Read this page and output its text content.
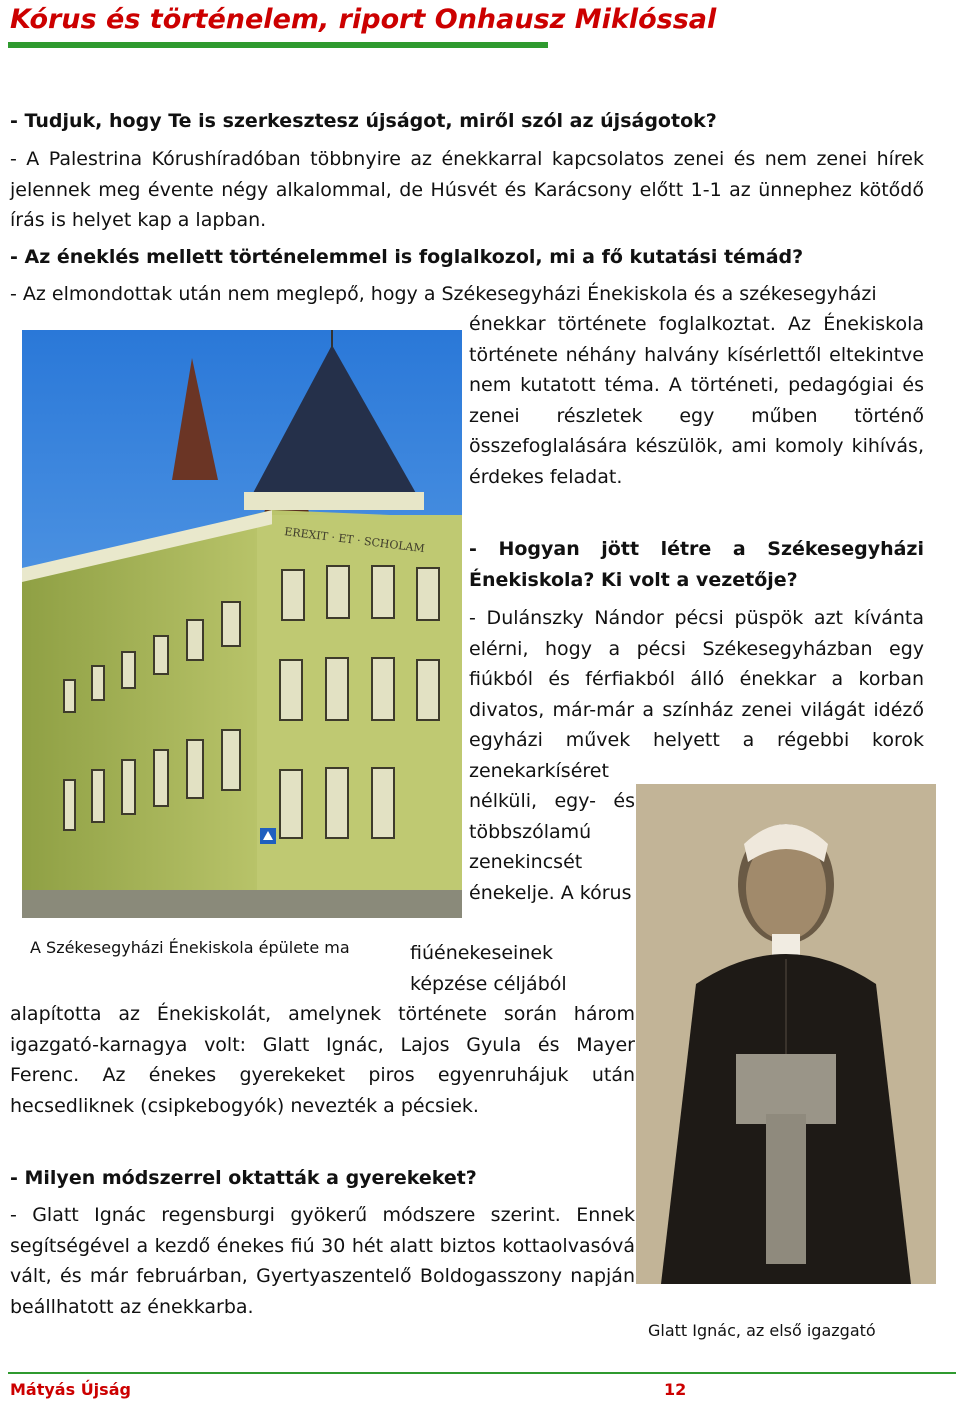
Kórus és történelem, riport Onhausz Miklóssal

- Tudjuk, hogy Te is szerkesztesz újságot, miről szól az újságotok?

- A Palestrina Kórushíradóban többnyire az énekkarral kapcsolatos zenei és nem zenei hírek jelennek meg évente négy alkalommal, de Húsvét és Karácsony előtt 1-1 az ünnephez kötődő írás is helyet kap a lapban.

- Az éneklés mellett történelemmel is foglalkozol, mi a fő kutatási témád?

- Az elmondottak után nem meglepő, hogy a Székesegyházi Énekiskola és a székesegyházi

énekkar története foglalkoztat. Az Énekiskola története néhány halvány kísérlettől eltekintve nem kutatott téma. A történeti, pedagógiai és zenei részletek egy műben történő összefoglalására készülök, ami komoly kihívás, érdekes feladat.

EREXIT · ET · SCHOLAM

A Székesegyházi Énekiskola épülete ma

- Hogyan jött létre a Székesegyházi Énekiskola? Ki volt a vezetője?

- Dulánszky Nándor pécsi püspök azt kívánta elérni, hogy a pécsi Székesegyházban egy fiúkból és férfiakból álló énekkar a korban divatos, már-már a színház zenei világát idéző egyházi művek helyett a régebbi korok zenekarkíséret

nélküli, egy- és többszólamú zenekincsét énekelje. A kórus

fiúénekeseinek képzése céljából

alapította az Énekiskolát, amelynek története során három igazgató-karnagya volt: Glatt Ignác, Lajos Gyula és Mayer Ferenc. Az énekes gyerekeket piros egyenruhájuk után hecsedliknek (csipkebogyók) nevezték a pécsiek.

Glatt Ignác, az első igazgató

- Milyen módszerrel oktatták a gyerekeket?

- Glatt Ignác regensburgi gyökerű módszere szerint. Ennek segítségével a kezdő énekes fiú 30 hét alatt biztos kottaolvasóvá vált, és már februárban, Gyertyaszentelő Boldogasszony napján beállhatott az énekkarba.

Mátyás Újság	12
